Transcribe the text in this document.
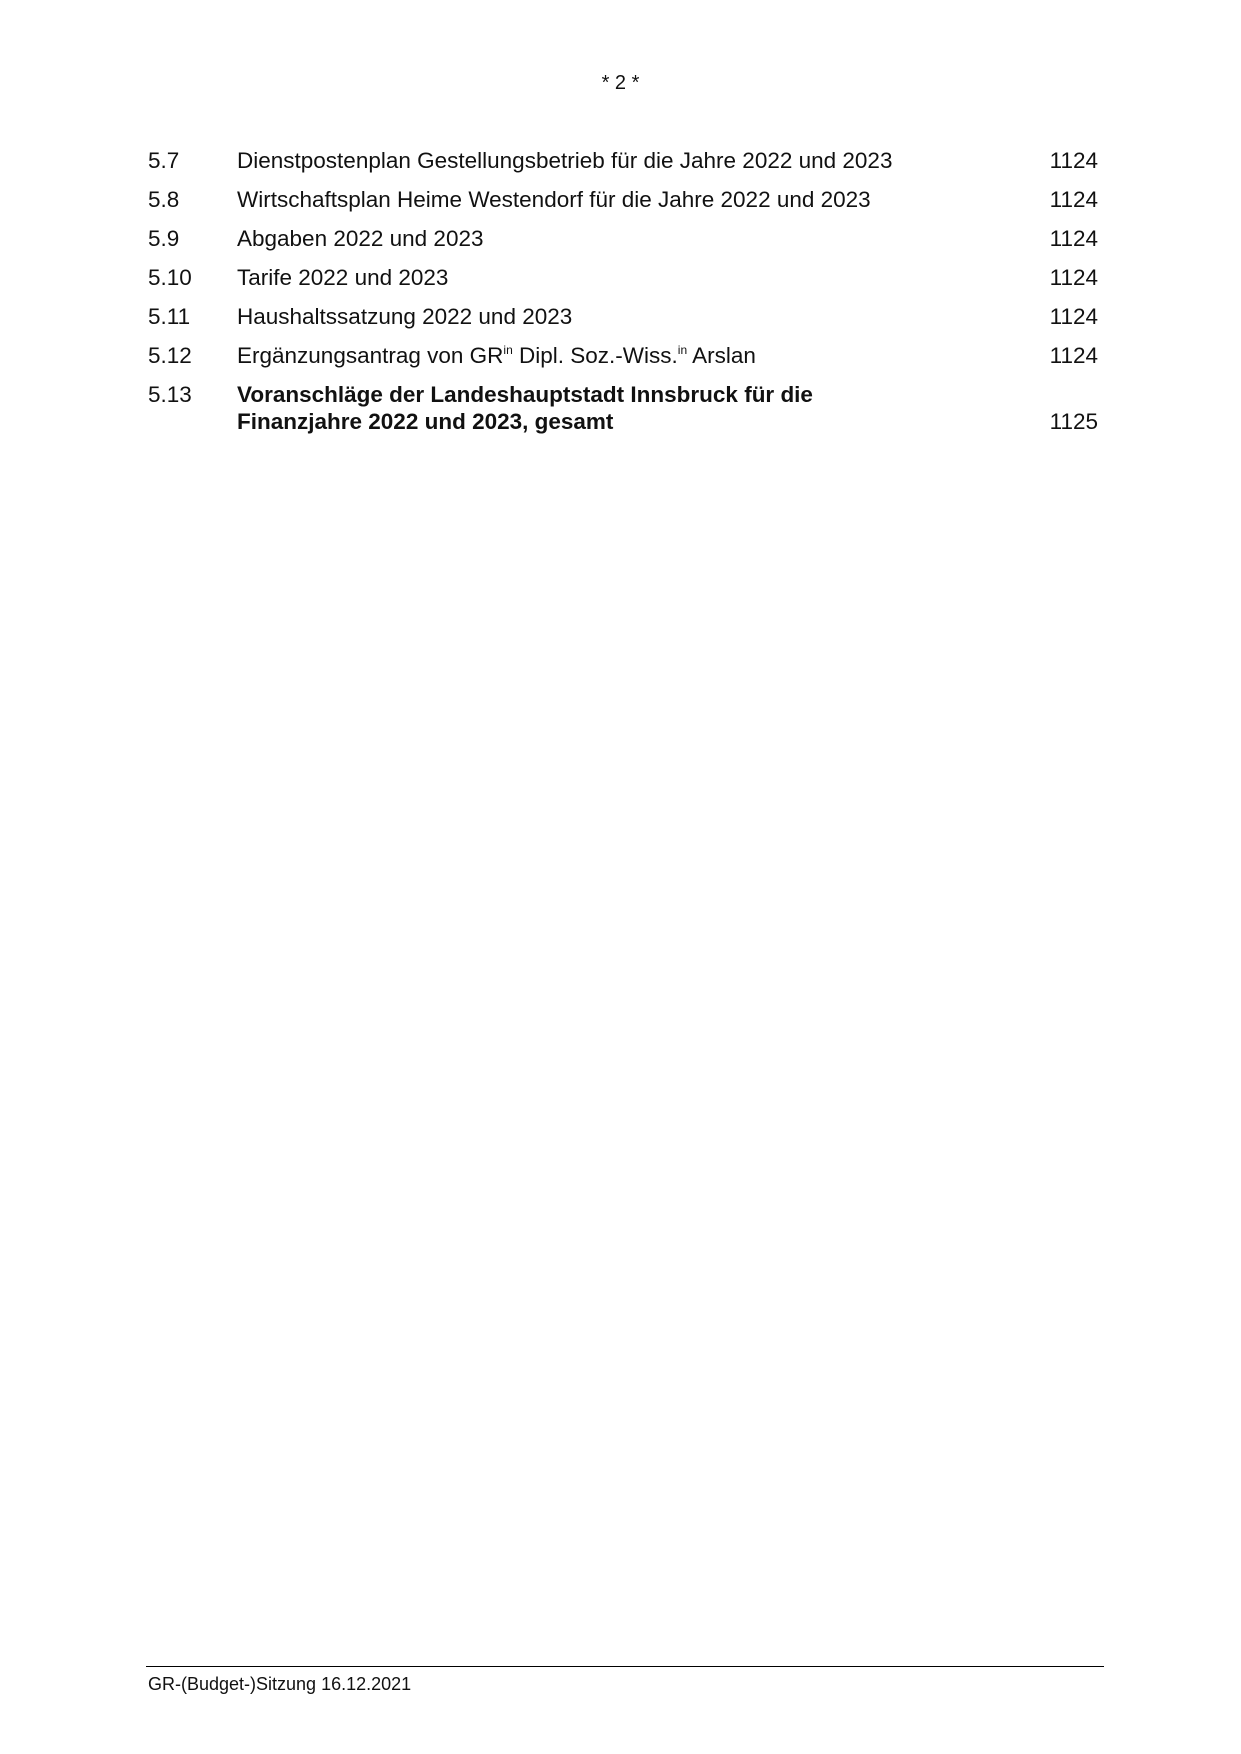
* 2 *
5.7	Dienstpostenplan Gestellungsbetrieb für die Jahre 2022 und 2023	1124
5.8	Wirtschaftsplan Heime Westendorf für die Jahre 2022 und 2023	1124
5.9	Abgaben 2022 und 2023	1124
5.10 Tarife 2022 und 2023	1124
5.11 Haushaltssatzung 2022 und 2023	1124
5.12 Ergänzungsantrag von $GR^{in}$ Dipl. Soz.-Wiss.$^{in}$ Arslan	1124
5.13 Voranschläge der Landeshauptstadt Innsbruck für die
Finanzjahre 2022 und 2023, gesamt	1125
GR-(Budget-)Sitzung 16.12.2021
